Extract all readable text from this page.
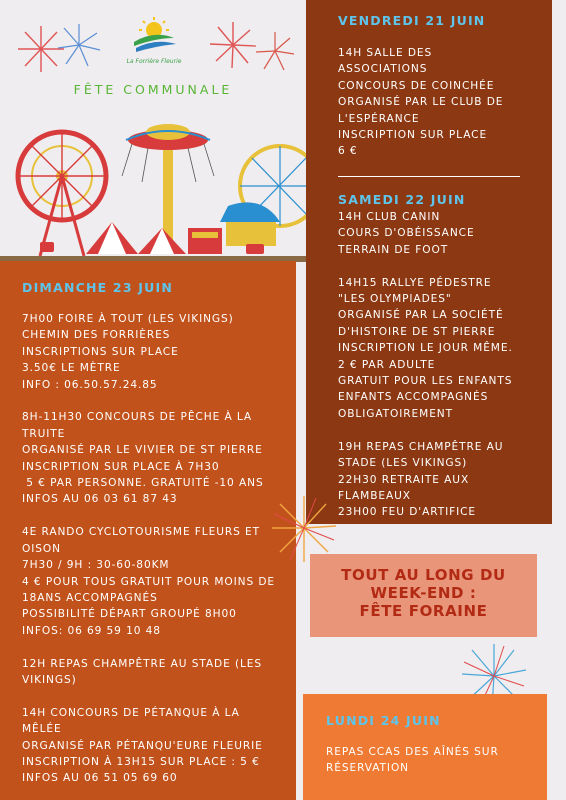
La Forrière Fleurie
FÊTE COMMUNALE
DIMANCHE 23 JUIN
7H00 FOIRE À TOUT (LES VIKINGS)
CHEMIN DES FORRIÈRES
INSCRIPTIONS SUR PLACE
3.50€ LE MÈTRE
INFO : 06.50.57.24.85

8H-11H30 CONCOURS DE PÊCHE À LA
TRUITE
ORGANISÉ PAR LE VIVIER DE ST PIERRE
INSCRIPTION SUR PLACE À 7H30
5 € PAR PERSONNE. GRATUITÉ -10 ANS
INFOS AU 06 03 61 87 43

4E RANDO CYCLOTOURISME FLEURS ET
OISON
7H30 / 9H : 30-60-80KM
4 € POUR TOUS GRATUIT POUR MOINS DE
18ANS ACCOMPAGNÉS
POSSIBILITÉ DÉPART GROUPÉ 8H00
INFOS: 06 69 59 10 48

12H REPAS CHAMPÊTRE AU STADE (LES
VIKINGS)

14H CONCOURS DE PÉTANQUE À LA
MÊLÉE
ORGANISÉ PAR PÉTANQU'EURE FLEURIE
INSCRIPTION À 13H15 SUR PLACE : 5 €
INFOS AU 06 51 05 69 60
VENDREDI 21 JUIN
14H SALLE DES
ASSOCIATIONS
CONCOURS DE COINCHÉE
ORGANISÉ PAR LE CLUB DE
L'ESPÉRANCE
INSCRIPTION SUR PLACE
6 €
SAMEDI 22 JUIN
14H CLUB CANIN
COURS D'OBÉISSANCE
TERRAIN DE FOOT

14H15 RALLYE PÉDESTRE
"LES OLYMPIADES"
ORGANISÉ PAR LA SOCIÉTÉ
D'HISTOIRE DE ST PIERRE
INSCRIPTION LE JOUR MÊME.
2 € PAR ADULTE
GRATUIT POUR LES ENFANTS
ENFANTS ACCOMPAGNÉS
OBLIGATOIREMENT

19H REPAS CHAMPÊTRE AU
STADE (LES VIKINGS)
22H30 RETRAITE AUX
FLAMBEAUX
23H00 FEU D'ARTIFICE
TOUT AU LONG DU
WEEK-END :
FÊTE FORAINE
LUNDI 24 JUIN
REPAS CCAS DES AÎNÉS SUR
RÉSERVATION
